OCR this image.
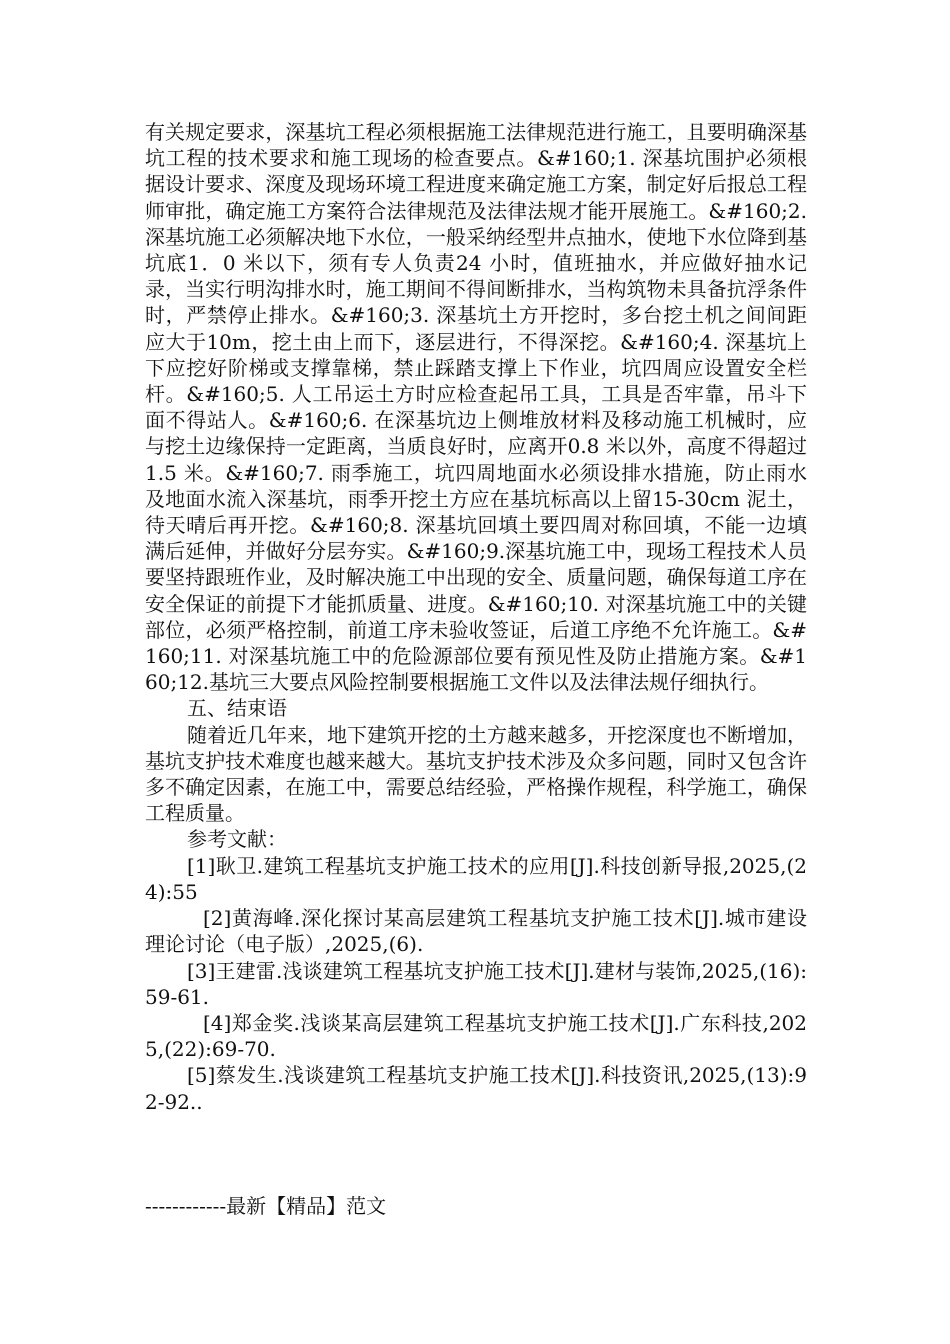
有关规定要求，深基坑工程必须根据施工法律规范进行施工，且要明确深基坑工程的技术要求和施工现场的检查要点。&#160;1. 深基坑围护必须根据设计要求、深度及现场环境工程进度来确定施工方案，制定好后报总工程师审批，确定施工方案符合法律规范及法律法规才能开展施工。&#160;2. 深基坑施工必须解决地下水位，一般采纳经型井点抽水，使地下水位降到基坑底1．0 米以下，须有专人负责24 小时，值班抽水，并应做好抽水记录，当实行明沟排水时，施工期间不得间断排水，当构筑物未具备抗浮条件时，严禁停止排水。&#160;3. 深基坑土方开挖时，多台挖土机之间间距应大于10m，挖土由上而下，逐层进行，不得深挖。&#160;4. 深基坑上下应挖好阶梯或支撑靠梯，禁止踩踏支撑上下作业，坑四周应设置安全栏杆。&#160;5. 人工吊运土方时应检查起吊工具，工具是否牢靠，吊斗下面不得站人。&#160;6. 在深基坑边上侧堆放材料及移动施工机械时，应与挖土边缘保持一定距离，当质良好时，应离开0.8 米以外，高度不得超过1.5 米。&#160;7. 雨季施工，坑四周地面水必须设排水措施，防止雨水及地面水流入深基坑，雨季开挖土方应在基坑标高以上留15-30cm 泥土，待天晴后再开挖。&#160;8. 深基坑回填土要四周对称回填，不能一边填满后延伸，并做好分层夯实。&#160;9.深基坑施工中，现场工程技术人员要坚持跟班作业，及时解决施工中出现的安全、质量问题，确保每道工序在安全保证的前提下才能抓质量、进度。&#160;10. 对深基坑施工中的关键部位，必须严格控制，前道工序未验收签证，后道工序绝不允许施工。&#160;11. 对深基坑施工中的危险源部位要有预见性及防止措施方案。&#160;12.基坑三大要点风险控制要根据施工文件以及法律法规仔细执行。

五、结束语

随着近几年来，地下建筑开挖的土方越来越多，开挖深度也不断增加，基坑支护技术难度也越来越大。基坑支护技术涉及众多问题，同时又包含许多不确定因素，在施工中，需要总结经验，严格操作规程，科学施工，确保工程质量。

参考文献：

[1]耿卫.建筑工程基坑支护施工技术的应用[J].科技创新导报,2025,(24):55

[2]黄海峰.深化探讨某高层建筑工程基坑支护施工技术[J].城市建设理论讨论（电子版）,2025,(6).

[3]王建雷.浅谈建筑工程基坑支护施工技术[J].建材与装饰,2025,(16):59-61.

[4]郑金奖.浅谈某高层建筑工程基坑支护施工技术[J].广东科技,2025,(22):69-70.

[5]蔡发生.浅谈建筑工程基坑支护施工技术[J].科技资讯,2025,(13):92-92..

------------最新【精品】范文
